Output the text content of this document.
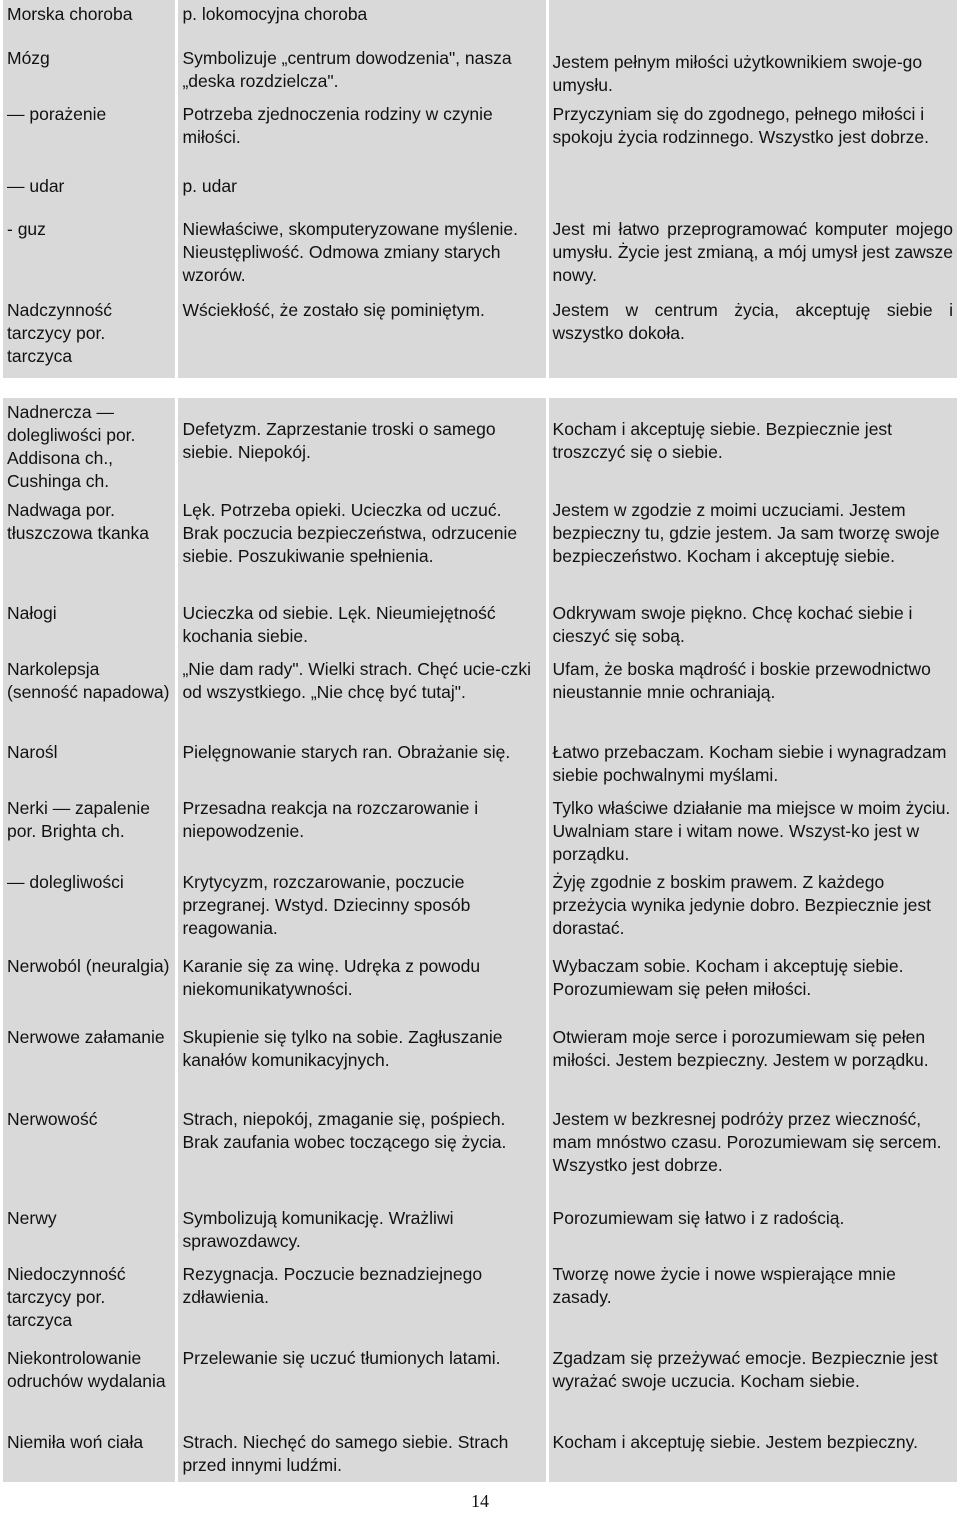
Morska choroba	p. lokomocyjna choroba	
Mózg	Symbolizuje „centrum dowodzenia", nasza „deska rozdzielcza".	Jestem pełnym miłości użytkownikiem swoje-go umysłu.
— porażenie	Potrzeba zjednoczenia rodziny w czynie miłości.	Przyczyniam się do zgodnego, pełnego miłości i spokoju życia rodzinnego. Wszystko jest dobrze.
— udar	p. udar	
- guz	Niewłaściwe, skomputeryzowane myślenie. Nieustępliwość. Odmowa zmiany starych wzorów.	Jest mi łatwo przeprogramować komputer mojego umysłu. Życie jest zmianą, a mój umysł jest zawsze nowy.
Nadczynność tarczycy por. tarczyca	Wściekłość, że zostało się pominiętym.	Jestem w centrum życia, akceptuję siebie i wszystko dokoła.
Nadnercza — dolegliwości por. Addisona ch., Cushinga ch.	Defetyzm. Zaprzestanie troski o samego siebie. Niepokój.	Kocham i akceptuję siebie. Bezpiecznie jest troszczyć się o siebie.
Nadwaga por. tłuszczowa tkanka	Lęk. Potrzeba opieki. Ucieczka od uczuć. Brak poczucia bezpieczeństwa, odrzucenie siebie. Poszukiwanie spełnienia.	Jestem w zgodzie z moimi uczuciami. Jestem bezpieczny tu, gdzie jestem. Ja sam tworzę swoje bezpieczeństwo. Kocham i akceptuję siebie.
Nałogi	Ucieczka od siebie. Lęk. Nieumiejętność kochania siebie.	Odkrywam swoje piękno. Chcę kochać siebie i cieszyć się sobą.
Narkolepsja (senność napadowa)	„Nie dam rady". Wielki strach. Chęć ucie-czki od wszystkiego. „Nie chcę być tutaj".	Ufam, że boska mądrość i boskie przewodnictwo nieustannie mnie ochraniają.
Narośl	Pielęgnowanie starych ran. Obrażanie się.	Łatwo przebaczam. Kocham siebie i wynagradzam siebie pochwalnymi myślami.
Nerki — zapalenie por. Brighta ch.	Przesadna reakcja na rozczarowanie i niepowodzenie.	Tylko właściwe działanie ma miejsce w moim życiu. Uwalniam stare i witam nowe. Wszyst-ko jest w porządku.
— dolegliwości	Krytycyzm, rozczarowanie, poczucie przegranej. Wstyd. Dziecinny sposób reagowania.	Żyję zgodnie z boskim prawem. Z każdego przeżycia wynika jedynie dobro. Bezpiecznie jest dorastać.
Nerwoból (neuralgia)	Karanie się za winę. Udręka z powodu niekomunikatywności.	Wybaczam sobie. Kocham i akceptuję siebie. Porozumiewam się pełen miłości.
Nerwowe załamanie	Skupienie się tylko na sobie. Zagłuszanie kanałów komunikacyjnych.	Otwieram moje serce i porozumiewam się pełen miłości. Jestem bezpieczny. Jestem w porządku.
Nerwowość	Strach, niepokój, zmaganie się, pośpiech. Brak zaufania wobec toczącego się życia.	Jestem w bezkresnej podróży przez wieczność, mam mnóstwo czasu. Porozumiewam się sercem. Wszystko jest dobrze.
Nerwy	Symbolizują komunikację. Wrażliwi sprawozdawcy.	Porozumiewam się łatwo i z radością.
Niedoczynność tarczycy por. tarczyca	Rezygnacja. Poczucie beznadziejnego zdławienia.	Tworzę nowe życie i nowe wspierające mnie zasady.
Niekontrolowanie odruchów wydalania	Przelewanie się uczuć tłumionych latami.	Zgadzam się przeżywać emocje. Bezpiecznie jest wyrażać swoje uczucia. Kocham siebie.
Niemiła woń ciała	Strach. Niechęć do samego siebie. Strach przed innymi ludźmi.	Kocham i akceptuję siebie. Jestem bezpieczny.
14
